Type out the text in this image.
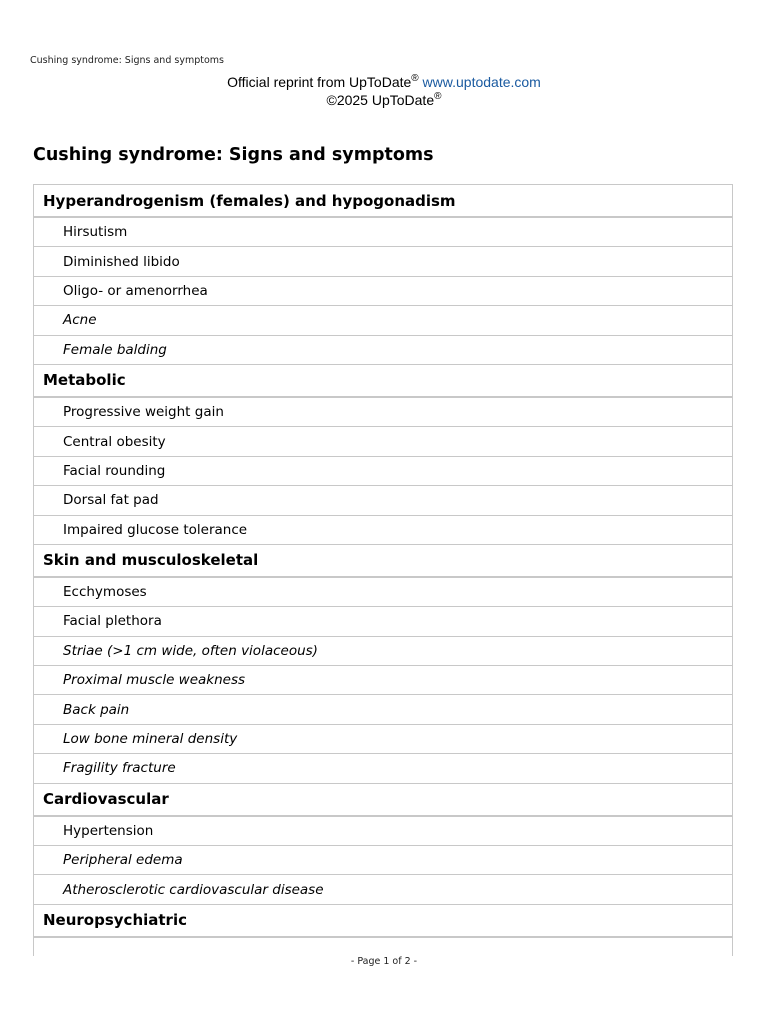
Cushing syndrome: Signs and symptoms
Official reprint from UpToDate® www.uptodate.com
©2025 UpToDate®
Cushing syndrome: Signs and symptoms
Hyperandrogenism (females) and hypogonadism
Hirsutism
Diminished libido
Oligo- or amenorrhea
Acne
Female balding
Metabolic
Progressive weight gain
Central obesity
Facial rounding
Dorsal fat pad
Impaired glucose tolerance
Skin and musculoskeletal
Ecchymoses
Facial plethora
Striae (>1 cm wide, often violaceous)
Proximal muscle weakness
Back pain
Low bone mineral density
Fragility fracture
Cardiovascular
Hypertension
Peripheral edema
Atherosclerotic cardiovascular disease
Neuropsychiatric
- Page 1 of 2 -
